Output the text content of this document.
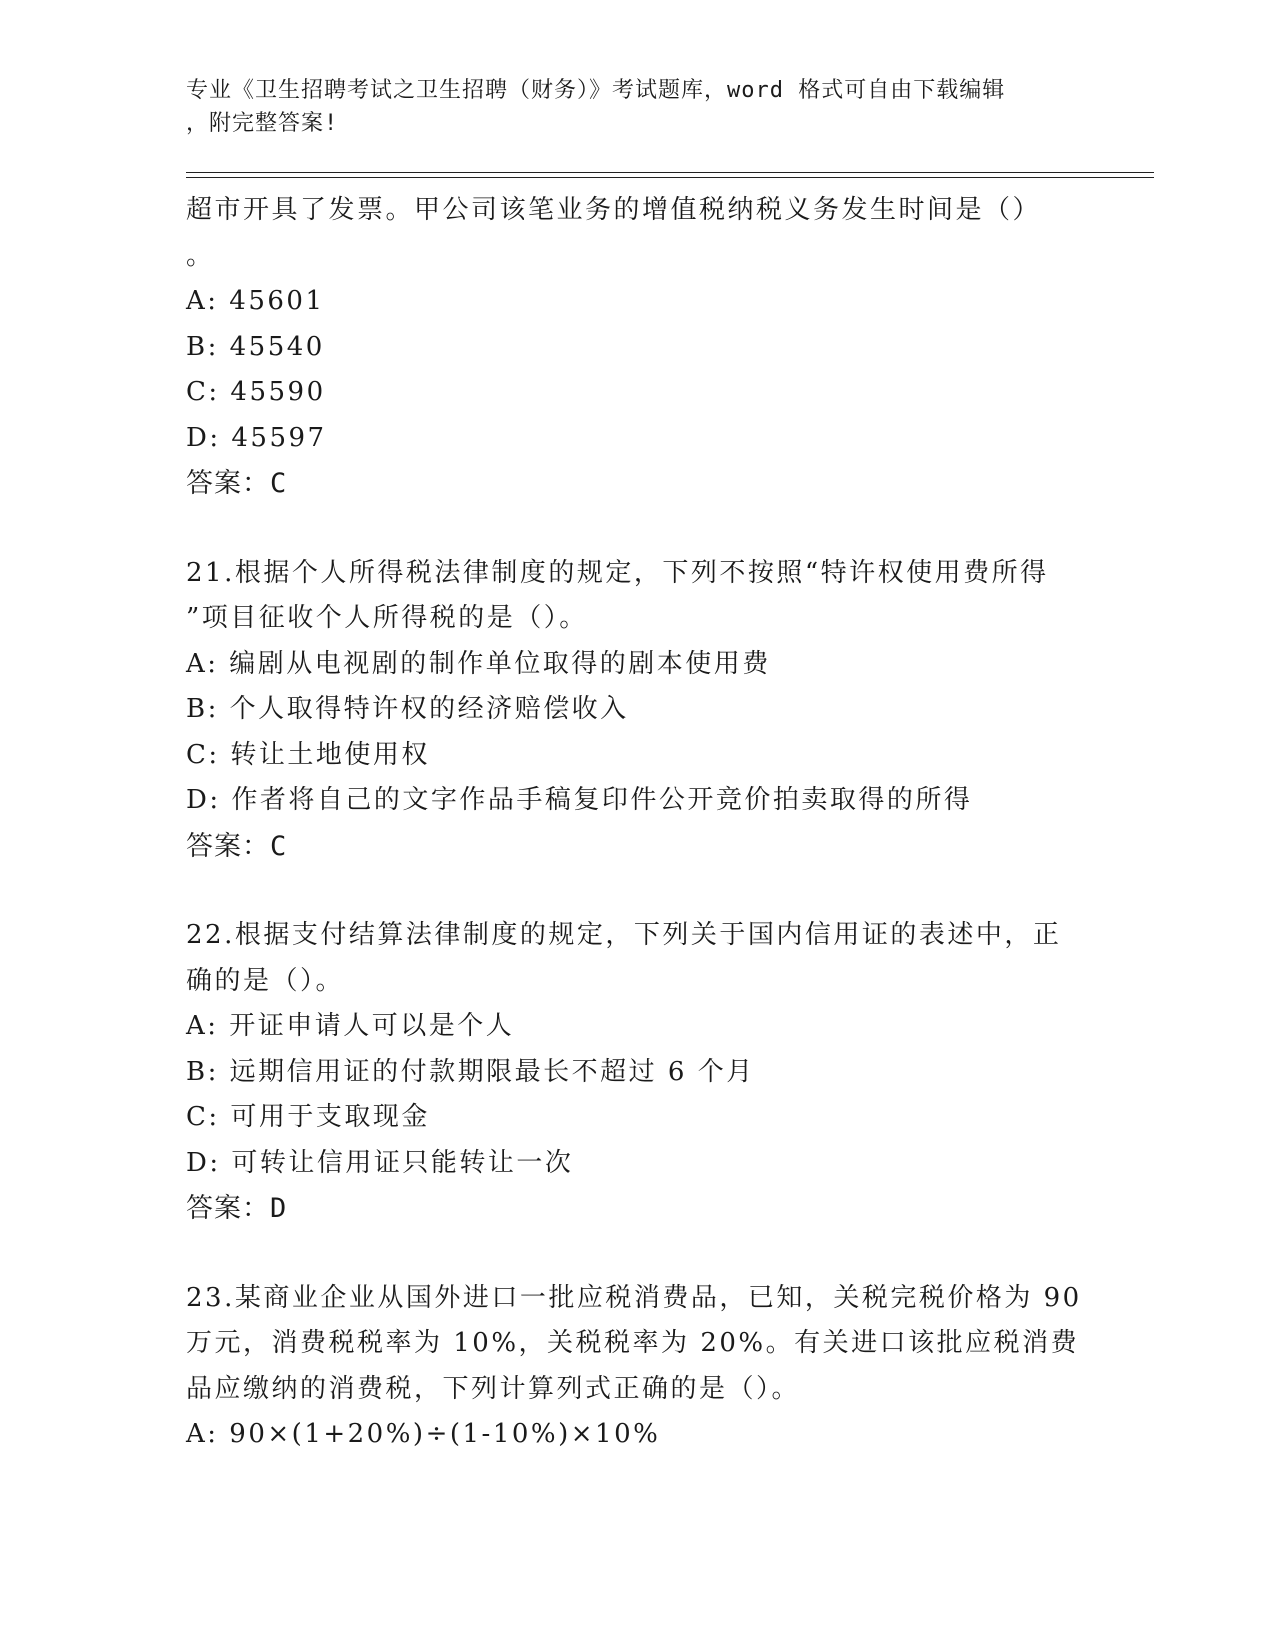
专业《卫生招聘考试之卫生招聘（财务）》考试题库，word 格式可自由下载编辑
，附完整答案!
超市开具了发票。甲公司该笔业务的增值税纳税义务发生时间是（）
。
A: 45601
B: 45540
C: 45590
D: 45597
答案：C
21.根据个人所得税法律制度的规定，下列不按照“特许权使用费所得
”项目征收个人所得税的是（）。
A: 编剧从电视剧的制作单位取得的剧本使用费
B: 个人取得特许权的经济赔偿收入
C: 转让土地使用权
D: 作者将自己的文字作品手稿复印件公开竞价拍卖取得的所得
答案：C
22.根据支付结算法律制度的规定，下列关于国内信用证的表述中，正
确的是（）。
A: 开证申请人可以是个人
B: 远期信用证的付款期限最长不超过 6 个月
C: 可用于支取现金
D: 可转让信用证只能转让一次
答案：D
23.某商业企业从国外进口一批应税消费品，已知，关税完税价格为 90
万元，消费税税率为 10%，关税税率为 20%。有关进口该批应税消费
品应缴纳的消费税，下列计算列式正确的是（）。
A: 90×(1+20%)÷(1-10%)×10%
